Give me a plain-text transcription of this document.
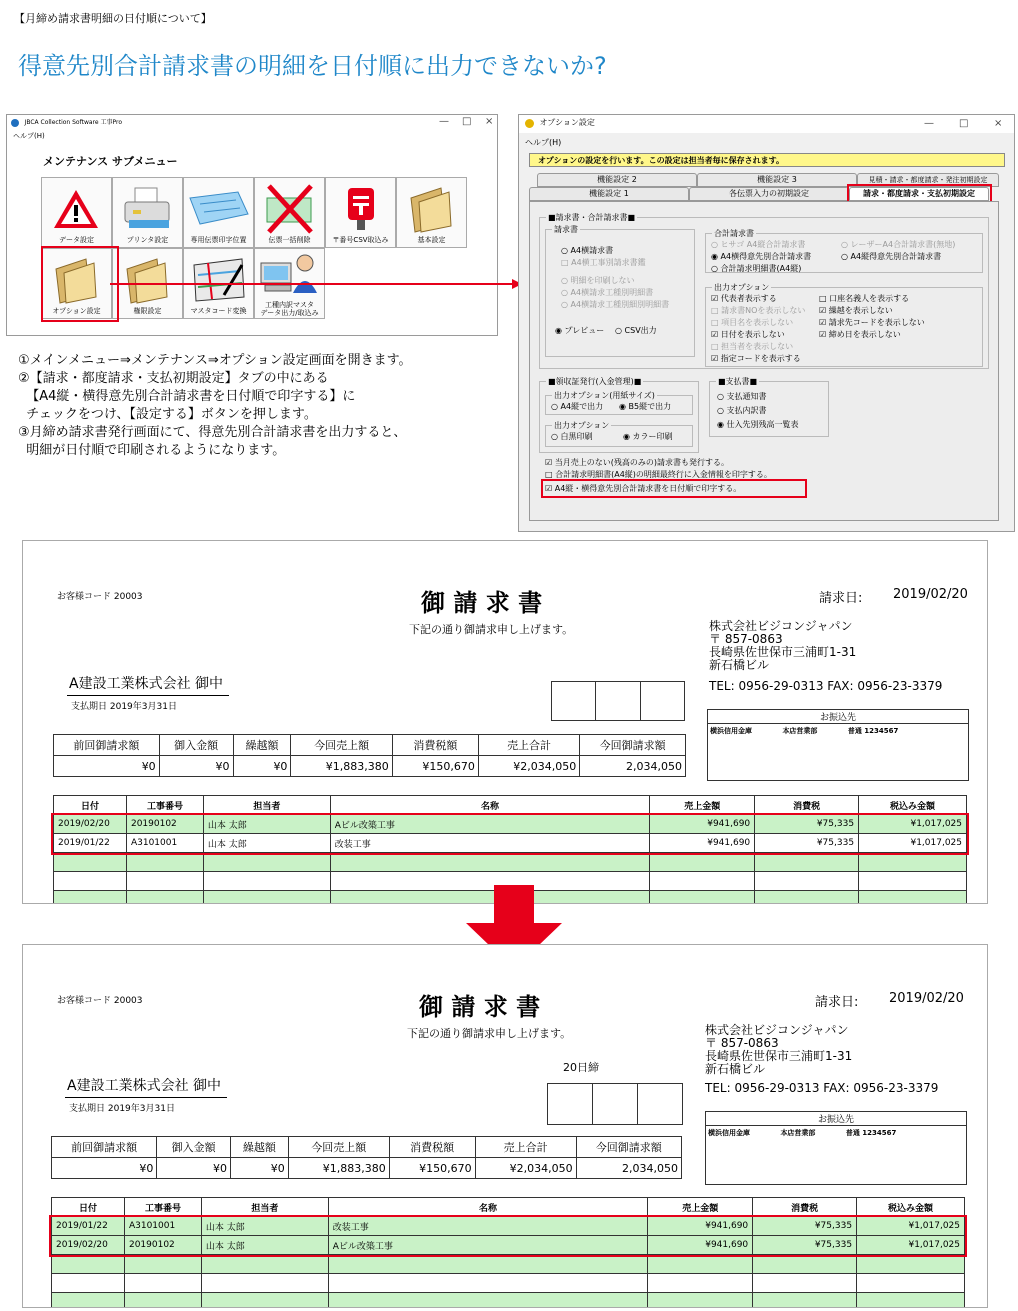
【月締め請求書明細の日付順について】
得意先別合計請求書の明細を日付順に出力できないか?
JBCA Collection Software 工事Pro	— □ ×
ヘルプ(H)
メンテナンス サブメニュー
データ設定	プリンタ設定	専用伝票印字位置	伝票一括削除	〒番号CSV取込み	基本設定
オプション設定	権限設定	マスタコード変換
工種内訳マスタ
データ出力/取込み
①メインメニュー⇒メンテナンス⇒オプション設定画面を開きます。
②【請求・都度請求・支払初期設定】タブの中にある
【A4縦・横得意先別合計請求書を日付順で印字する】に
チェックをつけ、【設定する】ボタンを押します。
③月締め請求書発行画面にて、得意先別合計請求書を出力すると、
明細が日付順で印刷されるようになります。
オプション設定	—	□	×
ヘルプ(H)
オプションの設定を行います。この設定は担当者毎に保存されます。
機能設定 2	機能設定 3	見積・請求・都度請求・発注初期設定
機能設定 1	各伝票入力の初期設定	請求・都度請求・支払初期設定
■請求書・合計請求書■
請求書
○ A4横請求書
□ A4横工事別請求書鑑
○ 明細を印刷しない
○ A4横請求工種別明細書
○ A4横請求工種別細別明細書
◉ プレビュー ○ CSV出力
合計請求書
○ ヒサゴ A4縦合計請求書	○ レーザーA4合計請求書(無地)
◉ A4横得意先別合計請求書	○ A4縦得意先別合計請求書
○ 合計請求明細書(A4縦)
出力オプション
☑ 代表者表示する	□ 口座名義人を表示する
□ 請求書NOを表示しない ☑ 繰越を表示しない
□ 項目名を表示しない	☑ 請求先コードを表示しない
☑ 日付を表示しない	☑ 締め日を表示しない
□ 担当者を表示しない
☑ 指定コードを表示する
■領収証発行(入金管理)■
出力オプション(用紙サイズ)
○ A4縦で出力 ◉ B5縦で出力
出力オプション
○ 白黒印刷	◉ カラー印刷
■支払書■
○ 支払通知書
○ 支払内訳書
◉ 仕入先別残高一覧表
☑ 当月売上のない(残高のみの)請求書も発行する。
□ 合計請求明細書(A4縦)の明細最終行に入金情報を印字する。
☑ A4縦・横得意先別合計請求書を日付順で印字する。
お客様コード 20003	御 請 求 書
下記の通り御請求申し上げます。
請求日: 2019/02/20
株式会社ビジコンジャパン
〒 857-0863
長崎県佐世保市三浦町1-31
新石橋ビル
TEL: 0956-29-0313 FAX: 0956-23-3379
A建設工業株式会社 御中
支払期日 2019年3月31日
お振込先
横浜信用金庫	本店営業部	普通 1234567
前回御請求額	御入金額	繰越額	今回売上額	消費税額	売上合計	今回御請求額
¥0	¥0	¥0	¥1,883,380	¥150,670	¥2,034,050	2,034,050
日付	工事番号	担当者	名称	売上金額	消費税	税込み金額
2019/02/20	20190102	山本 太郎	Aビル改築工事	¥941,690	¥75,335	¥1,017,025
2019/01/22	A3101001	山本 太郎	改装工事	¥941,690	¥75,335	¥1,017,025

お客様コード 20003	御 請 求 書
下記の通り御請求申し上げます。
請求日: 2019/02/20
株式会社ビジコンジャパン
〒 857-0863
長崎県佐世保市三浦町1-31
新石橋ビル
TEL: 0956-29-0313 FAX: 0956-23-3379
20日締
A建設工業株式会社 御中
支払期日 2019年3月31日
お振込先
横浜信用金庫	本店営業部	普通 1234567
前回御請求額	御入金額	繰越額	今回売上額	消費税額	売上合計	今回御請求額
¥0	¥0	¥0	¥1,883,380	¥150,670	¥2,034,050	2,034,050
日付	工事番号	担当者	名称	売上金額	消費税	税込み金額
2019/01/22	A3101001	山本 太郎	改装工事	¥941,690	¥75,335	¥1,017,025
2019/02/20	20190102	山本 太郎	Aビル改築工事	¥941,690	¥75,335	¥1,017,025
